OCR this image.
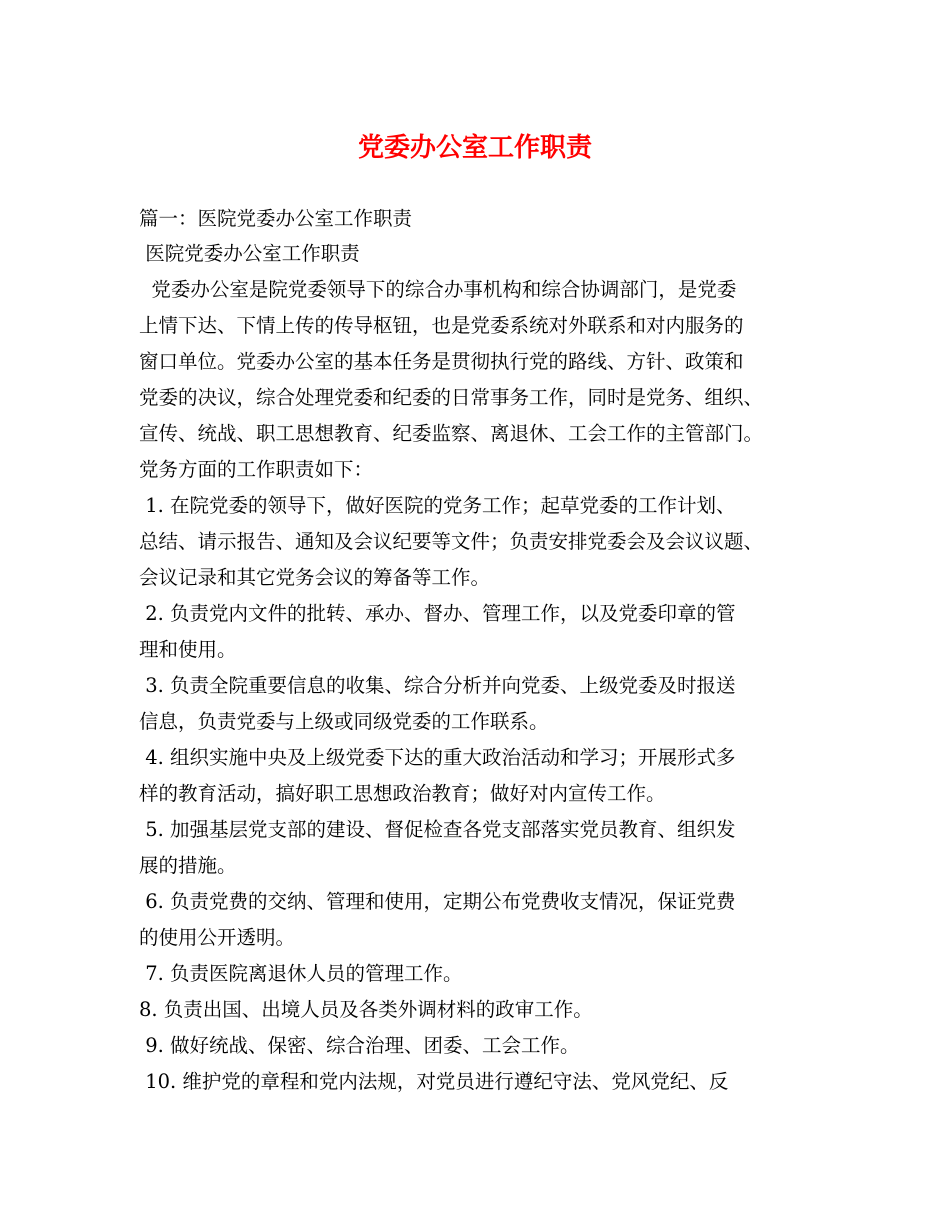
党委办公室工作职责
篇一：医院党委办公室工作职责
医院党委办公室工作职责
党委办公室是院党委领导下的综合办事机构和综合协调部门，是党委
上情下达、下情上传的传导枢钮，也是党委系统对外联系和对内服务的
窗口单位。党委办公室的基本任务是贯彻执行党的路线、方针、政策和
党委的决议，综合处理党委和纪委的日常事务工作，同时是党务、组织、
宣传、统战、职工思想教育、纪委监察、离退休、工会工作的主管部门。
党务方面的工作职责如下：
1. 在院党委的领导下，做好医院的党务工作；起草党委的工作计划、
总结、请示报告、通知及会议纪要等文件；负责安排党委会及会议议题、
会议记录和其它党务会议的筹备等工作。
2. 负责党内文件的批转、承办、督办、管理工作，以及党委印章的管
理和使用。
3. 负责全院重要信息的收集、综合分析并向党委、上级党委及时报送
信息，负责党委与上级或同级党委的工作联系。
4. 组织实施中央及上级党委下达的重大政治活动和学习；开展形式多
样的教育活动，搞好职工思想政治教育；做好对内宣传工作。
5. 加强基层党支部的建设、督促检查各党支部落实党员教育、组织发
展的措施。
6. 负责党费的交纳、管理和使用，定期公布党费收支情况，保证党费
的使用公开透明。
7. 负责医院离退休人员的管理工作。
8. 负责出国、出境人员及各类外调材料的政审工作。
9. 做好统战、保密、综合治理、团委、工会工作。
10. 维护党的章程和党内法规，对党员进行遵纪守法、党风党纪、反
